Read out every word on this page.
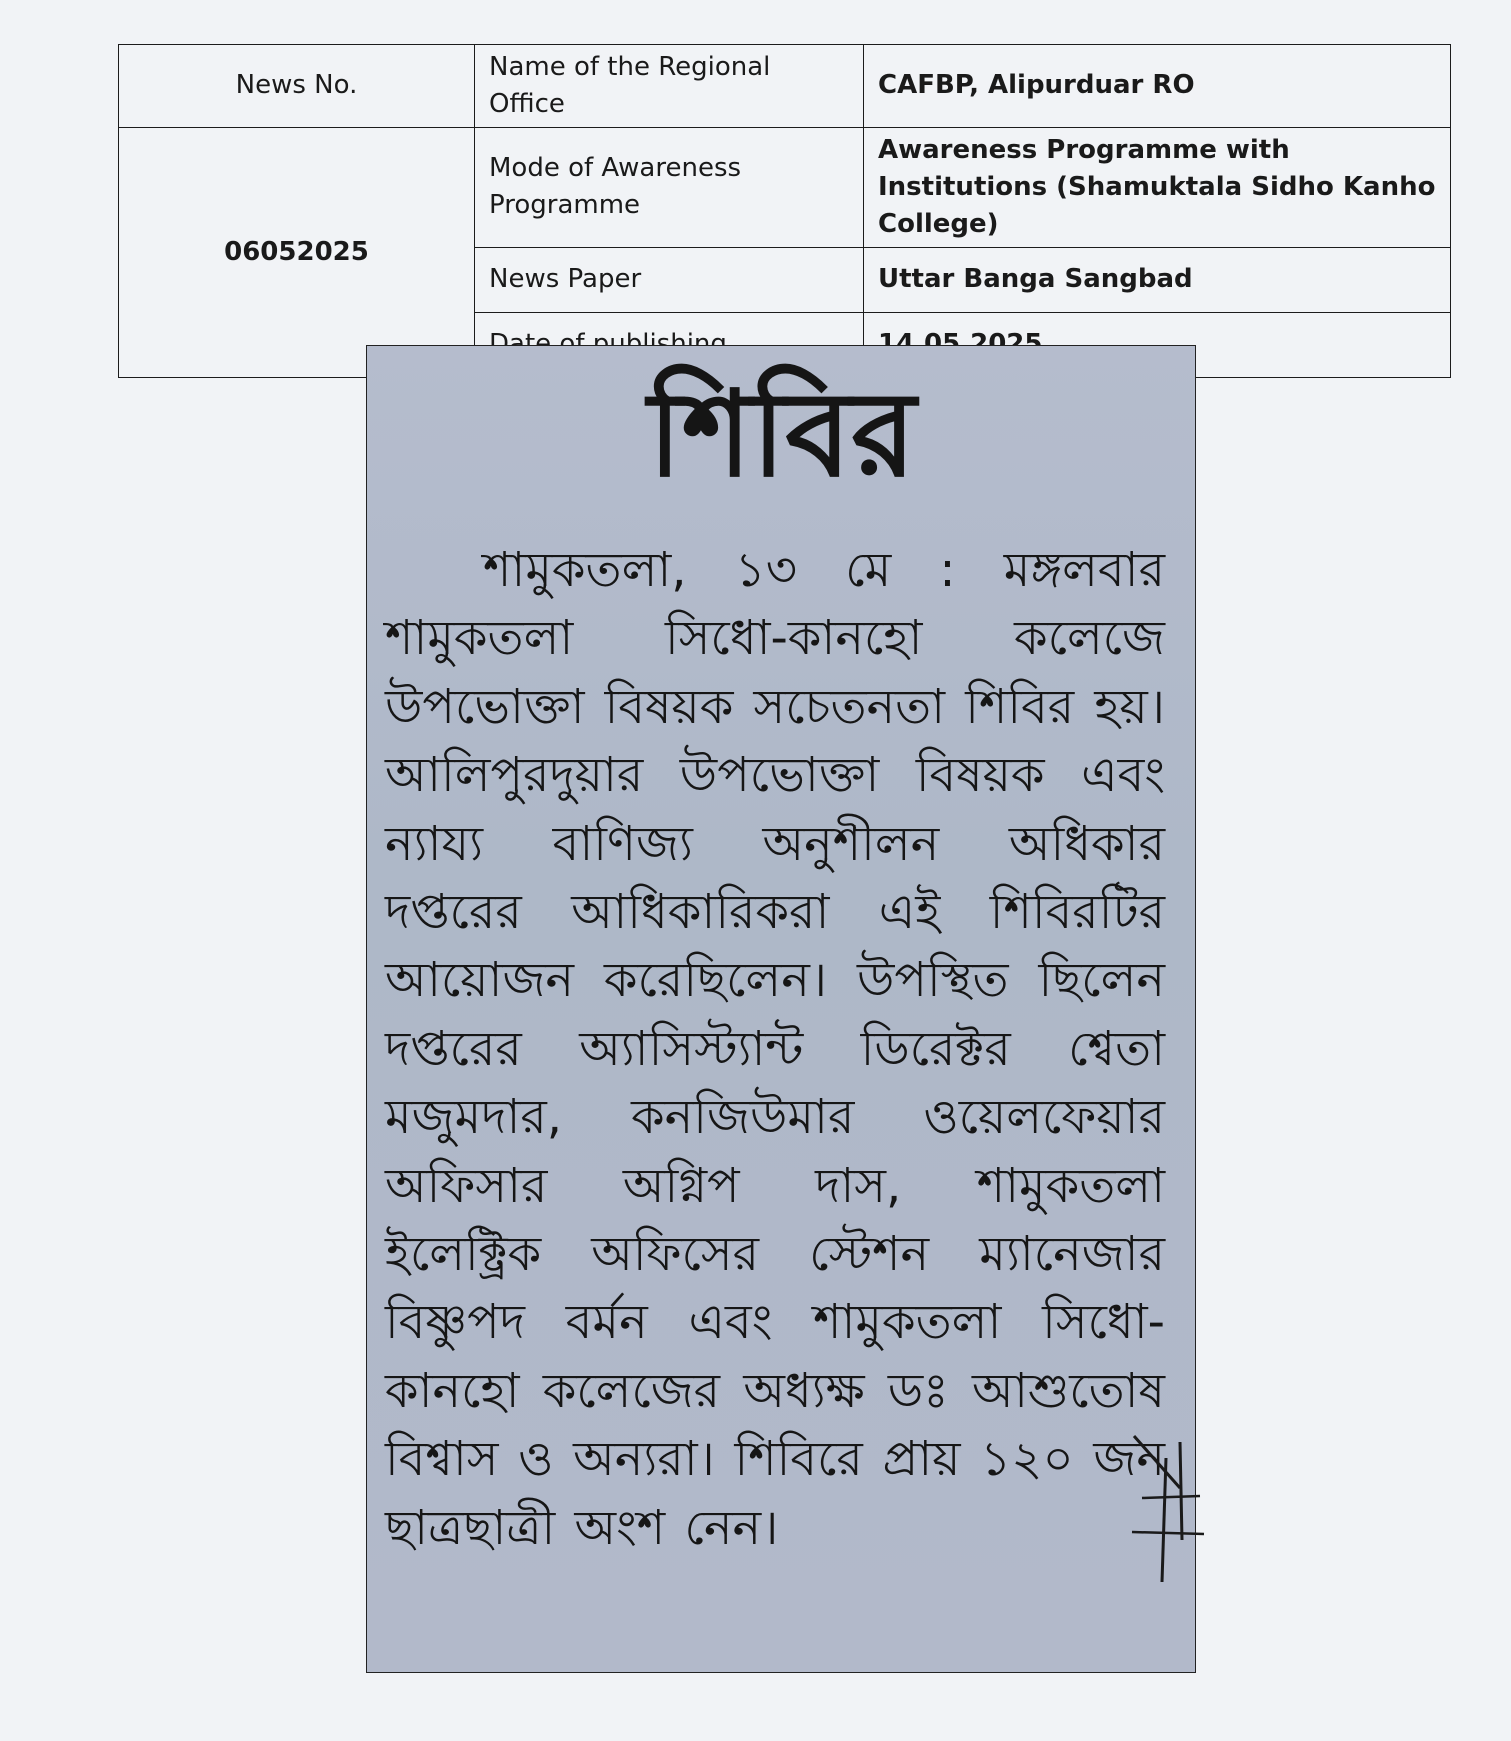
News No.	Name of the Regional Office	CAFBP, Alipurduar RO
06052025	Mode of Awareness Programme	Awareness Programme with Institutions (Shamuktala Sidho Kanho College)
	News Paper	Uttar Banga Sangbad

শিবির
শামুকতলা, ১৩ মে : মঙ্গলবার শামুকতলা সিধো-কানহো কলেজে উপভোক্তা বিষয়ক সচেতনতা শিবির হয়। আলিপুরদুয়ার উপভোক্তা বিষয়ক এবং ন্যায্য বাণিজ্য অনুশীলন অধিকার দপ্তরের আধিকারিকরা এই শিবিরটির আয়োজন করেছিলেন। উপস্থিত ছিলেন দপ্তরের অ্যাসিস্ট্যান্ট ডিরেক্টর শ্বেতা মজুমদার, কনজিউমার ওয়েলফেয়ার অফিসার অগ্নিপ দাস, শামুকতলা ইলেক্ট্রিক অফিসের স্টেশন ম্যানেজার বিষ্ণুপদ বর্মন এবং শামুকতলা সিধো-কানহো কলেজের অধ্যক্ষ ডঃ আশুতোষ বিশ্বাস ও অন্যরা। শিবিরে প্রায় ১২০ জন ছাত্রছাত্রী অংশ নেন।
